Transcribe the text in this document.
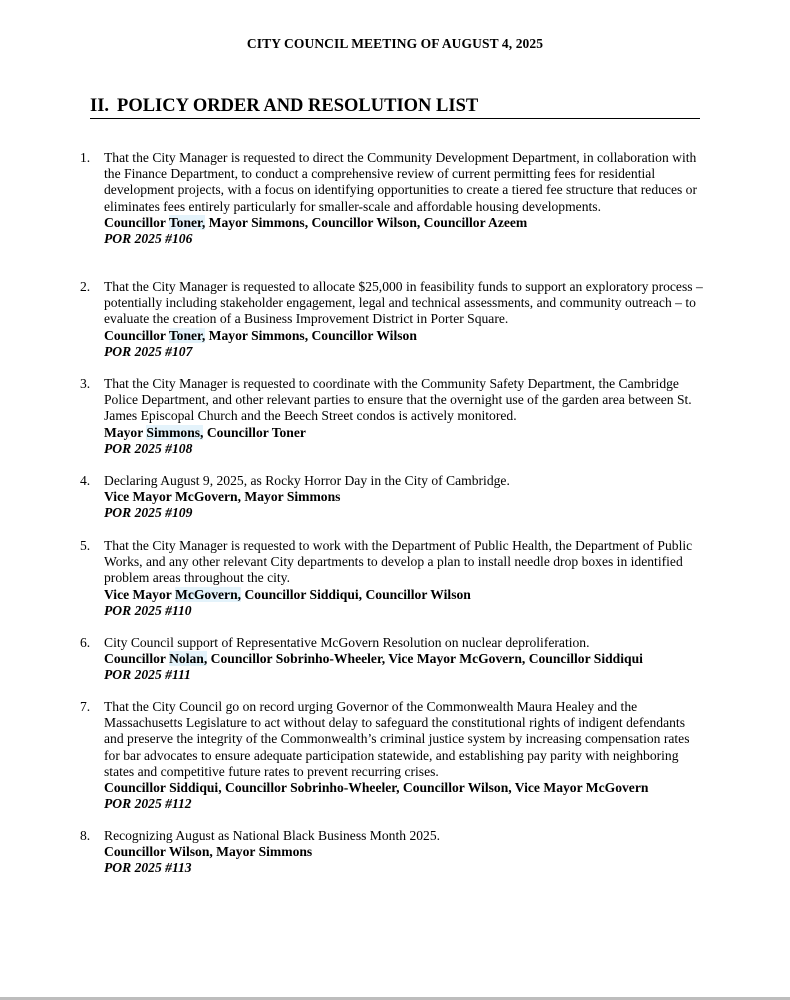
CITY COUNCIL MEETING OF AUGUST 4, 2025
II. POLICY ORDER AND RESOLUTION LIST
1.	That the City Manager is requested to direct the Community Development Department, in collaboration with the Finance Department, to conduct a comprehensive review of current permitting fees for residential development projects, with a focus on identifying opportunities to create a tiered fee structure that reduces or eliminates fees entirely particularly for smaller-scale and affordable housing developments.
Councillor Toner, Mayor Simmons, Councillor Wilson, Councillor Azeem
POR 2025 #106
2.	That the City Manager is requested to allocate $25,000 in feasibility funds to support an exploratory process – potentially including stakeholder engagement, legal and technical assessments, and community outreach – to evaluate the creation of a Business Improvement District in Porter Square.
Councillor Toner, Mayor Simmons, Councillor Wilson
POR 2025 #107
3.	That the City Manager is requested to coordinate with the Community Safety Department, the Cambridge Police Department, and other relevant parties to ensure that the overnight use of the garden area between St. James Episcopal Church and the Beech Street condos is actively monitored.
Mayor Simmons, Councillor Toner
POR 2025 #108
4.	Declaring August 9, 2025, as Rocky Horror Day in the City of Cambridge.
Vice Mayor McGovern, Mayor Simmons
POR 2025 #109
5.	That the City Manager is requested to work with the Department of Public Health, the Department of Public Works, and any other relevant City departments to develop a plan to install needle drop boxes in identified problem areas throughout the city.
Vice Mayor McGovern, Councillor Siddiqui, Councillor Wilson
POR 2025 #110
6.	City Council support of Representative McGovern Resolution on nuclear deproliferation.
Councillor Nolan, Councillor Sobrinho-Wheeler, Vice Mayor McGovern, Councillor Siddiqui
POR 2025 #111
7.	That the City Council go on record urging Governor of the Commonwealth Maura Healey and the Massachusetts Legislature to act without delay to safeguard the constitutional rights of indigent defendants and preserve the integrity of the Commonwealth’s criminal justice system by increasing compensation rates for bar advocates to ensure adequate participation statewide, and establishing pay parity with neighboring states and competitive future rates to prevent recurring crises.
Councillor Siddiqui, Councillor Sobrinho-Wheeler, Councillor Wilson, Vice Mayor McGovern
POR 2025 #112
8.	Recognizing August as National Black Business Month 2025.
Councillor Wilson, Mayor Simmons
POR 2025 #113
